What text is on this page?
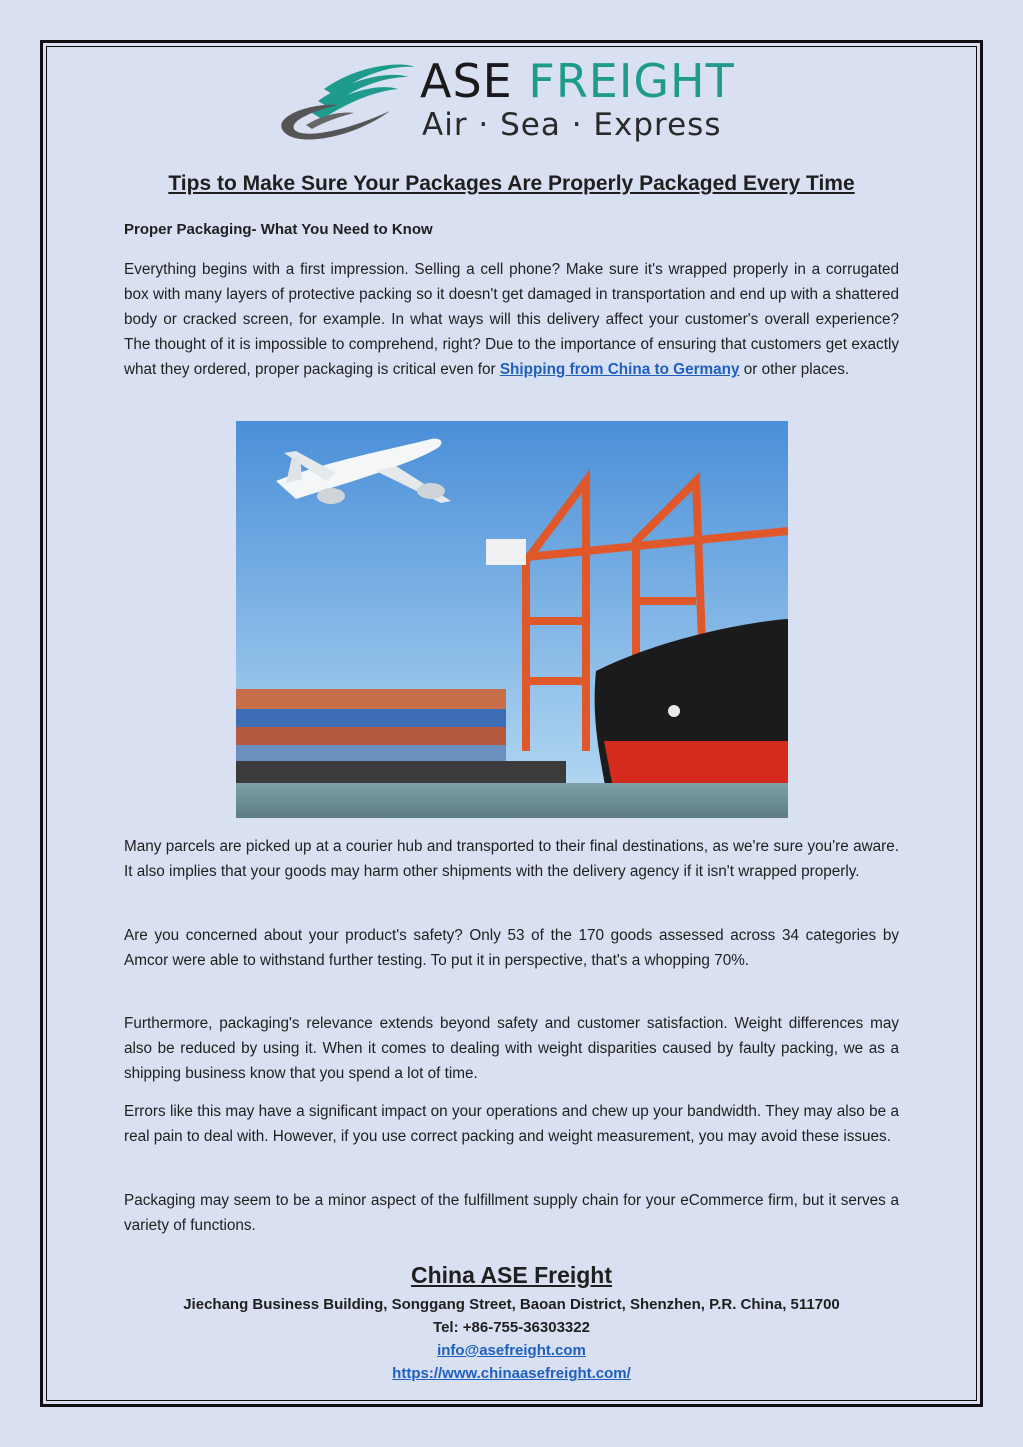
ASE FREIGHT
Air · Sea · Express
Tips to Make Sure Your Packages Are Properly Packaged Every Time
Proper Packaging- What You Need to Know

Everything begins with a first impression. Selling a cell phone? Make sure it's wrapped properly in a corrugated box with many layers of protective packing so it doesn't get damaged in transportation and end up with a shattered body or cracked screen, for example. In what ways will this delivery affect your customer's overall experience? The thought of it is impossible to comprehend, right? Due to the importance of ensuring that customers get exactly what they ordered, proper packaging is critical even for Shipping from China to Germany or other places.

Many parcels are picked up at a courier hub and transported to their final destinations, as we're sure you're aware. It also implies that your goods may harm other shipments with the delivery agency if it isn't wrapped properly.

Are you concerned about your product's safety? Only 53 of the 170 goods assessed across 34 categories by Amcor were able to withstand further testing. To put it in perspective, that's a whopping 70%.

Furthermore, packaging's relevance extends beyond safety and customer satisfaction. Weight differences may also be reduced by using it. When it comes to dealing with weight disparities caused by faulty packing, we as a shipping business know that you spend a lot of time.

Errors like this may have a significant impact on your operations and chew up your bandwidth. They may also be a real pain to deal with. However, if you use correct packing and weight measurement, you may avoid these issues.

Packaging may seem to be a minor aspect of the fulfillment supply chain for your eCommerce firm, but it serves a variety of functions.

China ASE Freight
Jiechang Business Building, Songgang Street, Baoan District, Shenzhen, P.R. China, 511700
Tel: +86-755-36303322
info@asefreight.com
https://www.chinaasefreight.com/
